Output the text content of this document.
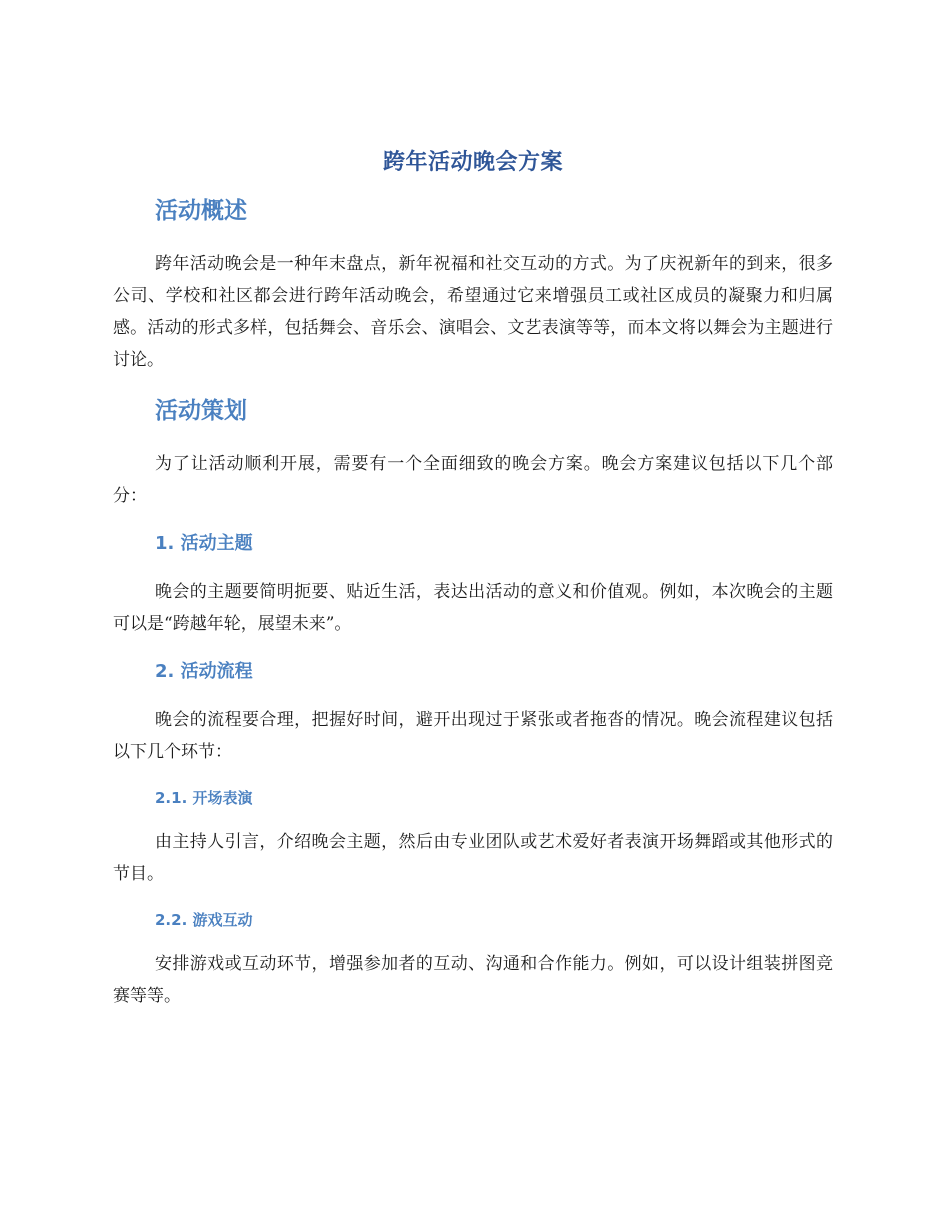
跨年活动晚会方案
活动概述

跨年活动晚会是一种年末盘点，新年祝福和社交互动的方式。为了庆祝新年的到来，很多公司、学校和社区都会进行跨年活动晚会，希望通过它来增强员工或社区成员的凝聚力和归属感。活动的形式多样，包括舞会、音乐会、演唱会、文艺表演等等，而本文将以舞会为主题进行讨论。

活动策划

为了让活动顺利开展，需要有一个全面细致的晚会方案。晚会方案建议包括以下几个部分：

1. 活动主题

晚会的主题要简明扼要、贴近生活，表达出活动的意义和价值观。例如，本次晚会的主题可以是“跨越年轮，展望未来”。

2. 活动流程

晚会的流程要合理，把握好时间，避开出现过于紧张或者拖沓的情况。晚会流程建议包括以下几个环节：

2.1. 开场表演

由主持人引言，介绍晚会主题，然后由专业团队或艺术爱好者表演开场舞蹈或其他形式的节目。

2.2. 游戏互动

安排游戏或互动环节，增强参加者的互动、沟通和合作能力。例如，可以设计组装拼图竞赛等等。
